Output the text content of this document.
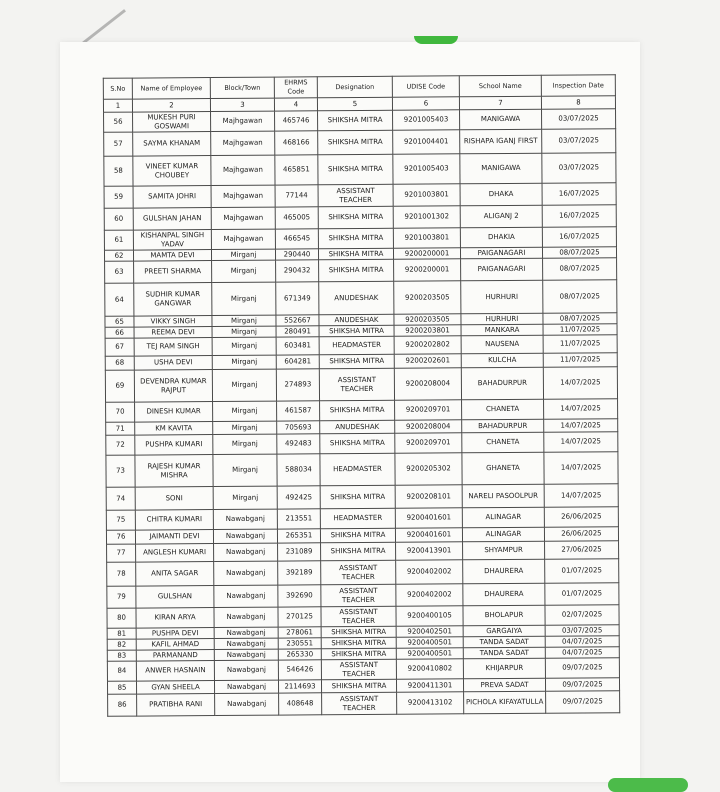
S.No	Name of Employee	Block/Town	EHRMS Code	Designation	UDISE Code	School Name	Inspection Date
1	2	3	4	5	6	7	8
56	MUKESH PURI GOSWAMI	Majhgawan	465746	SHIKSHA MITRA	9201005403	MANIGAWA	03/07/2025
57	SAYMA KHANAM	Majhgawan	468166	SHIKSHA MITRA	9201004401	RISHAPA IGANJ FIRST	03/07/2025
58	VINEET KUMAR CHOUBEY	Majhgawan	465851	SHIKSHA MITRA	9201005403	MANIGAWA	03/07/2025
59	SAMITA JOHRI	Majhgawan	77144	ASSISTANT TEACHER	9201003801	DHAKA	16/07/2025
60	GULSHAN JAHAN	Majhgawan	465005	SHIKSHA MITRA	9201001302	ALIGANJ 2	16/07/2025
61	KISHANPAL SINGH YADAV	Majhgawan	466545	SHIKSHA MITRA	9201003801	DHAKIA	16/07/2025
62	MAMTA DEVI	Mirganj	290440	SHIKSHA MITRA	9200200001	PAIGANAGARI	08/07/2025
63	PREETI SHARMA	Mirganj	290432	SHIKSHA MITRA	9200200001	PAIGANAGARI	08/07/2025
64	SUDHIR KUMAR GANGWAR	Mirganj	671349	ANUDESHAK	9200203505	HURHURI	08/07/2025
65	VIKKY SINGH	Mirganj	552667	ANUDESHAK	9200203505	HURHURI	08/07/2025
66	REEMA DEVI	Mirganj	280491	SHIKSHA MITRA	9200203801	MANKARA	11/07/2025
67	TEJ RAM SINGH	Mirganj	603481	HEADMASTER	9200202802	NAUSENA	11/07/2025
68	USHA DEVI	Mirganj	604281	SHIKSHA MITRA	9200202601	KULCHA	11/07/2025
69	DEVENDRA KUMAR RAJPUT	Mirganj	274893	ASSISTANT TEACHER	9200208004	BAHADURPUR	14/07/2025
70	DINESH KUMAR	Mirganj	461587	SHIKSHA MITRA	9200209701	CHANETA	14/07/2025
71	KM KAVITA	Mirganj	705693	ANUDESHAK	9200208004	BAHADURPUR	14/07/2025
72	PUSHPA KUMARI	Mirganj	492483	SHIKSHA MITRA	9200209701	CHANETA	14/07/2025
73	RAJESH KUMAR MISHRA	Mirganj	588034	HEADMASTER	9200205302	GHANETA	14/07/2025
74	SONI	Mirganj	492425	SHIKSHA MITRA	9200208101	NARELI PASOOLPUR	14/07/2025
75	CHITRA KUMARI	Nawabganj	213551	HEADMASTER	9200401601	ALINAGAR	26/06/2025
76	JAIMANTI DEVI	Nawabganj	265351	SHIKSHA MITRA	9200401601	ALINAGAR	26/06/2025
77	ANGLESH KUMARI	Nawabganj	231089	SHIKSHA MITRA	9200413901	SHYAMPUR	27/06/2025
78	ANITA SAGAR	Nawabganj	392189	ASSISTANT TEACHER	9200402002	DHAURERA	01/07/2025
79	GULSHAN	Nawabganj	392690	ASSISTANT TEACHER	9200402002	DHAURERA	01/07/2025
80	KIRAN ARYA	Nawabganj	270125	ASSISTANT TEACHER	9200400105	BHOLAPUR	02/07/2025
81	PUSHPA DEVI	Nawabganj	278061	SHIKSHA MITRA	9200402501	GARGAIYA	03/07/2025
82	KAFIL AHMAD	Nawabganj	230551	SHIKSHA MITRA	9200400501	TANDA SADAT	04/07/2025
83	PARMANAND	Nawabganj	265330	SHIKSHA MITRA	9200400501	TANDA SADAT	04/07/2025
84	ANWER HASNAIN	Nawabganj	546426	ASSISTANT TEACHER	9200410802	KHIJARPUR	09/07/2025
85	GYAN SHEELA	Nawabganj	2114693	SHIKSHA MITRA	9200411301	PREVA SADAT	09/07/2025
86	PRATIBHA RANI	Nawabganj	408648	ASSISTANT TEACHER	9200413102	PICHOLA KIFAYATULLA	09/07/2025
